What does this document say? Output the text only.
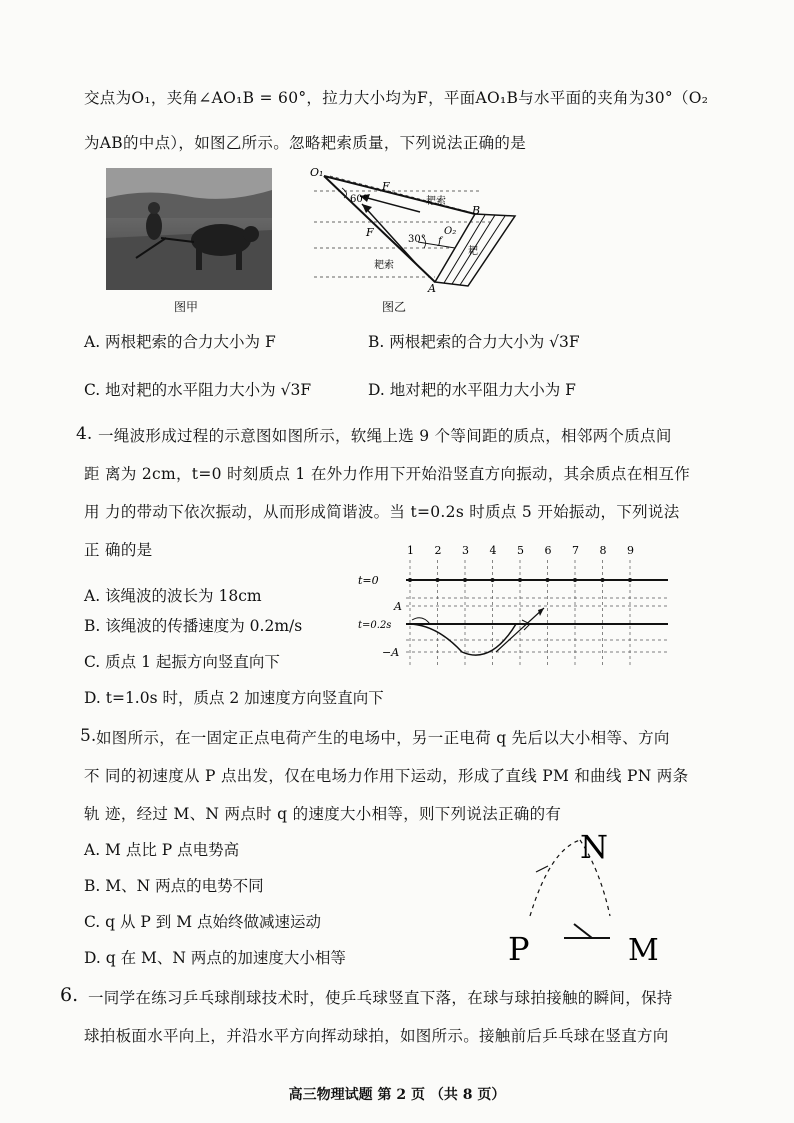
交点为O₁，夹角∠AO₁B = 60°，拉力大小均为F，平面AO₁B与水平面的夹角为30°（O₂
为AB的中点），如图乙所示。忽略耙索质量，下列说法正确的是
图甲
O₁
F
60°	耙索
B
F
30°
O₂
f
耙索
耙
A
图乙
A. 两根耙索的合力大小为 F	B. 两根耙索的合力大小为 √3F
C. 地对耙的水平阻力大小为 √3F	D. 地对耙的水平阻力大小为 F
4. 一绳波形成过程的示意图如图所示，软绳上选 9 个等间距的质点，相邻两个质点间
距 离为 2cm，t=0 时刻质点 1 在外力作用下开始沿竖直方向振动，其余质点在相互作
用 力的带动下依次振动，从而形成简谐波。当 t=0.2s 时质点 5 开始振动，下列说法
正 确的是
A. 该绳波的波长为 18cm
B. 该绳波的传播速度为 0.2m/s
C. 质点 1 起振方向竖直向下
D. t=1.0s 时，质点 2 加速度方向竖直向下
1 2 3 4 5 6 7 8 9
t=0
t=0.2s
A
−A
5. 如图所示，在一固定正点电荷产生的电场中，另一正电荷 q 先后以大小相等、方向
不 同的初速度从 P 点出发，仅在电场力作用下运动，形成了直线 PM 和曲线 PN 两条
轨 迹，经过 M、N 两点时 q 的速度大小相等，则下列说法正确的有
A. M 点比 P 点电势高
B. M、N 两点的电势不同
C. q 从 P 到 M 点始终做减速运动
D. q 在 M、N 两点的加速度大小相等	P	M
N
6. 一同学在练习乒乓球削球技术时，使乒乓球竖直下落，在球与球拍接触的瞬间，保持
球拍板面水平向上，并沿水平方向挥动球拍，如图所示。接触前后乒乓球在竖直方向
高三物理试题 第 2 页 （共 8 页）
